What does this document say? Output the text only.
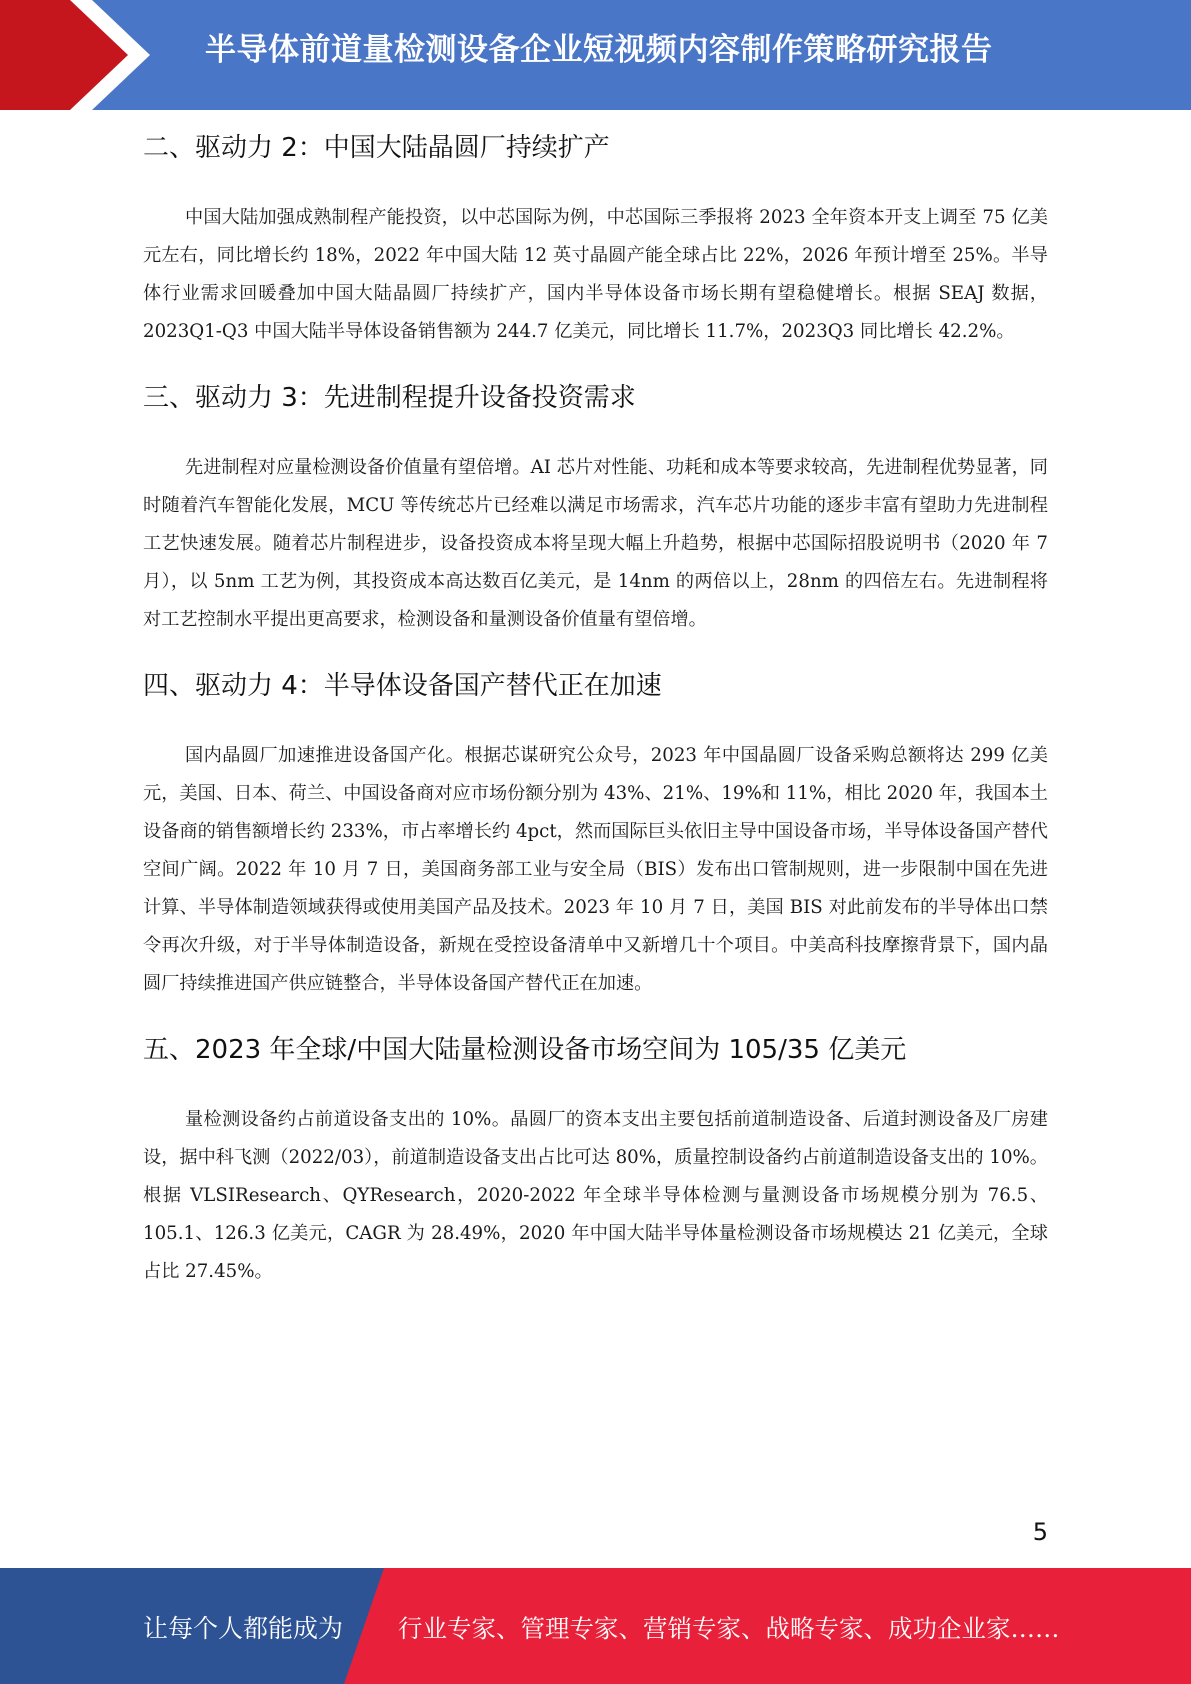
半导体前道量检测设备企业短视频内容制作策略研究报告
二、驱动力 2：中国大陆晶圆厂持续扩产

中国大陆加强成熟制程产能投资，以中芯国际为例，中芯国际三季报将 2023 全年资本开支上调至 75 亿美元左右，同比增长约 18%，2022 年中国大陆 12 英寸晶圆产能全球占比 22%，2026 年预计增至 25%。半导体行业需求回暖叠加中国大陆晶圆厂持续扩产，国内半导体设备市场长期有望稳健增长。根据 SEAJ 数据，2023Q1-Q3 中国大陆半导体设备销售额为 244.7 亿美元，同比增长 11.7%，2023Q3 同比增长 42.2%。

三、驱动力 3：先进制程提升设备投资需求

先进制程对应量检测设备价值量有望倍增。AI 芯片对性能、功耗和成本等要求较高，先进制程优势显著，同时随着汽车智能化发展，MCU 等传统芯片已经难以满足市场需求，汽车芯片功能的逐步丰富有望助力先进制程工艺快速发展。随着芯片制程进步，设备投资成本将呈现大幅上升趋势，根据中芯国际招股说明书（2020 年 7 月），以 5nm 工艺为例，其投资成本高达数百亿美元，是 14nm 的两倍以上，28nm 的四倍左右。先进制程将对工艺控制水平提出更高要求，检测设备和量测设备价值量有望倍增。

四、驱动力 4：半导体设备国产替代正在加速

国内晶圆厂加速推进设备国产化。根据芯谋研究公众号，2023 年中国晶圆厂设备采购总额将达 299 亿美元，美国、日本、荷兰、中国设备商对应市场份额分别为 43%、21%、19%和 11%，相比 2020 年，我国本土设备商的销售额增长约 233%，市占率增长约 4pct，然而国际巨头依旧主导中国设备市场，半导体设备国产替代空间广阔。2022 年 10 月 7 日，美国商务部工业与安全局（BIS）发布出口管制规则，进一步限制中国在先进计算、半导体制造领域获得或使用美国产品及技术。2023 年 10 月 7 日，美国 BIS 对此前发布的半导体出口禁令再次升级，对于半导体制造设备，新规在受控设备清单中又新增几十个项目。中美高科技摩擦背景下，国内晶圆厂持续推进国产供应链整合，半导体设备国产替代正在加速。

五、2023 年全球/中国大陆量检测设备市场空间为 105/35 亿美元

量检测设备约占前道设备支出的 10%。晶圆厂的资本支出主要包括前道制造设备、后道封测设备及厂房建设，据中科飞测（2022/03），前道制造设备支出占比可达 80%，质量控制设备约占前道制造设备支出的 10%。根据 VLSIResearch、QYResearch，2020-2022 年全球半导体检测与量测设备市场规模分别为 76.5、105.1、126.3 亿美元，CAGR 为 28.49%，2020 年中国大陆半导体量检测设备市场规模达 21 亿美元，全球占比 27.45%。

5
让每个人都能成为 行业专家、管理专家、营销专家、战略专家、成功企业家……
